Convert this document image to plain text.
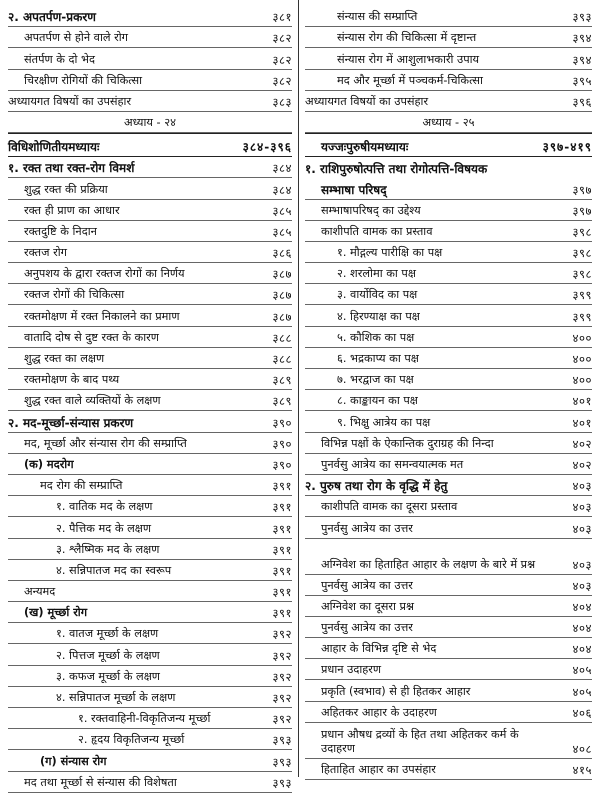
२. अपतर्पण-प्रकरण	३८१
अपतर्पण से होने वाले रोग	३८२
संतर्पण के दो भेद	३८२
चिरक्षीण रोगियों की चिकित्सा	३८२
अध्यायगत विषयों का उपसंहार	३८३
अध्याय - २४
विधिशोणितीयमध्यायः	३८४-३९६
१. रक्त तथा रक्त-रोग विमर्श	३८४
शुद्ध रक्त की प्रक्रिया	३८४
रक्त ही प्राण का आधार	३८५
रक्तदुष्टि के निदान	३८५
रक्तज रोग	३८६
अनुपशय के द्वारा रक्तज रोगों का निर्णय	३८७
रक्तज रोगों की चिकित्सा	३८७
रक्तमोक्षण में रक्त निकालने का प्रमाण	३८७
वातादि दोष से दुष्ट रक्त के कारण	३८८
शुद्ध रक्त का लक्षण	३८८
रक्तमोक्षण के बाद पथ्य	३८९
शुद्ध रक्त वाले व्यक्तियों के लक्षण	३८९
२. मद-मूर्च्छा-संन्यास प्रकरण	३९०
मद, मूर्च्छा और संन्यास रोग की सम्प्राप्ति	३९०
(क) मदरोग	३९०
मद रोग की सम्प्राप्ति	३९१
१. वातिक मद के लक्षण	३९१
२. पैत्तिक मद के लक्षण	३९१
३. श्लैष्मिक मद के लक्षण	३९१
४. सन्निपातज मद का स्वरूप	३९१
अन्यमद	३९१
(ख) मूर्च्छा रोग	३९१
१. वातज मूर्च्छा के लक्षण	३९२
२. पित्तज मूर्च्छा के लक्षण	३९२
३. कफज मूर्च्छा के लक्षण	३९२
४. सन्निपातज मूर्च्छा के लक्षण	३९२
१. रक्तवाहिनी-विकृतिजन्य मूर्च्छा	३९२
२. हृदय विकृतिजन्य मूर्च्छा	३९३
(ग) संन्यास रोग	३९३
मद तथा मूर्च्छा से संन्यास की विशेषता	३९३
संन्यास की सम्प्राप्ति	३९३
संन्यास रोग की चिकित्सा में दृष्टान्त	३९४
संन्यास रोग में आशुलाभकारी उपाय	३९४
मद और मूर्च्छा में पञ्चकर्म-चिकित्सा	३९५
अध्यायगत विषयों का उपसंहार	३९६
अध्याय - २५
यज्जःपुरुषीयमध्यायः	३९७-४१९
१. राशिपुरुषोत्पत्ति तथा रोगोत्पत्ति-विषयक
सम्भाषा परिषद्	३९७
सम्भाषापरिषद् का उद्देश्य	३९७
काशीपति वामक का प्रस्ताव	३९८
१. मौद्गल्य पारीक्षि का पक्ष	३९८
२. शरलोमा का पक्ष	३९८
३. वार्योविद का पक्ष	३९९
४. हिरण्याक्ष का पक्ष	३९९
५. कौशिक का पक्ष	४००
६. भद्रकाप्य का पक्ष	४००
७. भरद्वाज का पक्ष	४००
८. काङ्कायन का पक्ष	४०१
९. भिक्षु आत्रेय का पक्ष	४०१
विभिन्न पक्षों के ऐकान्तिक दुराग्रह की निन्दा	४०२
पुनर्वसु आत्रेय का समन्वयात्मक मत	४०२
२. पुरुष तथा रोग के वृद्धि में हेतु	४०३
काशीपति वामक का दूसरा प्रस्ताव	४०३
पुनर्वसु आत्रेय का उत्तर	४०३
अग्निवेश का हिताहित आहार के लक्षण के बारे में प्रश्न	४०३
पुनर्वसु आत्रेय का उत्तर	४०३
अग्निवेश का दूसरा प्रश्न	४०४
पुनर्वसु आत्रेय का उत्तर	४०४
आहार के विभिन्न दृष्टि से भेद	४०४
प्रधान उदाहरण	४०५
प्रकृति (स्वभाव) से ही हितकर आहार	४०५
अहितकर आहार के उदाहरण	४०६
प्रधान औषध द्रव्यों के हित तथा अहितकर कर्म के उदाहरण	४०८
हिताहित आहार का उपसंहार	४१५
